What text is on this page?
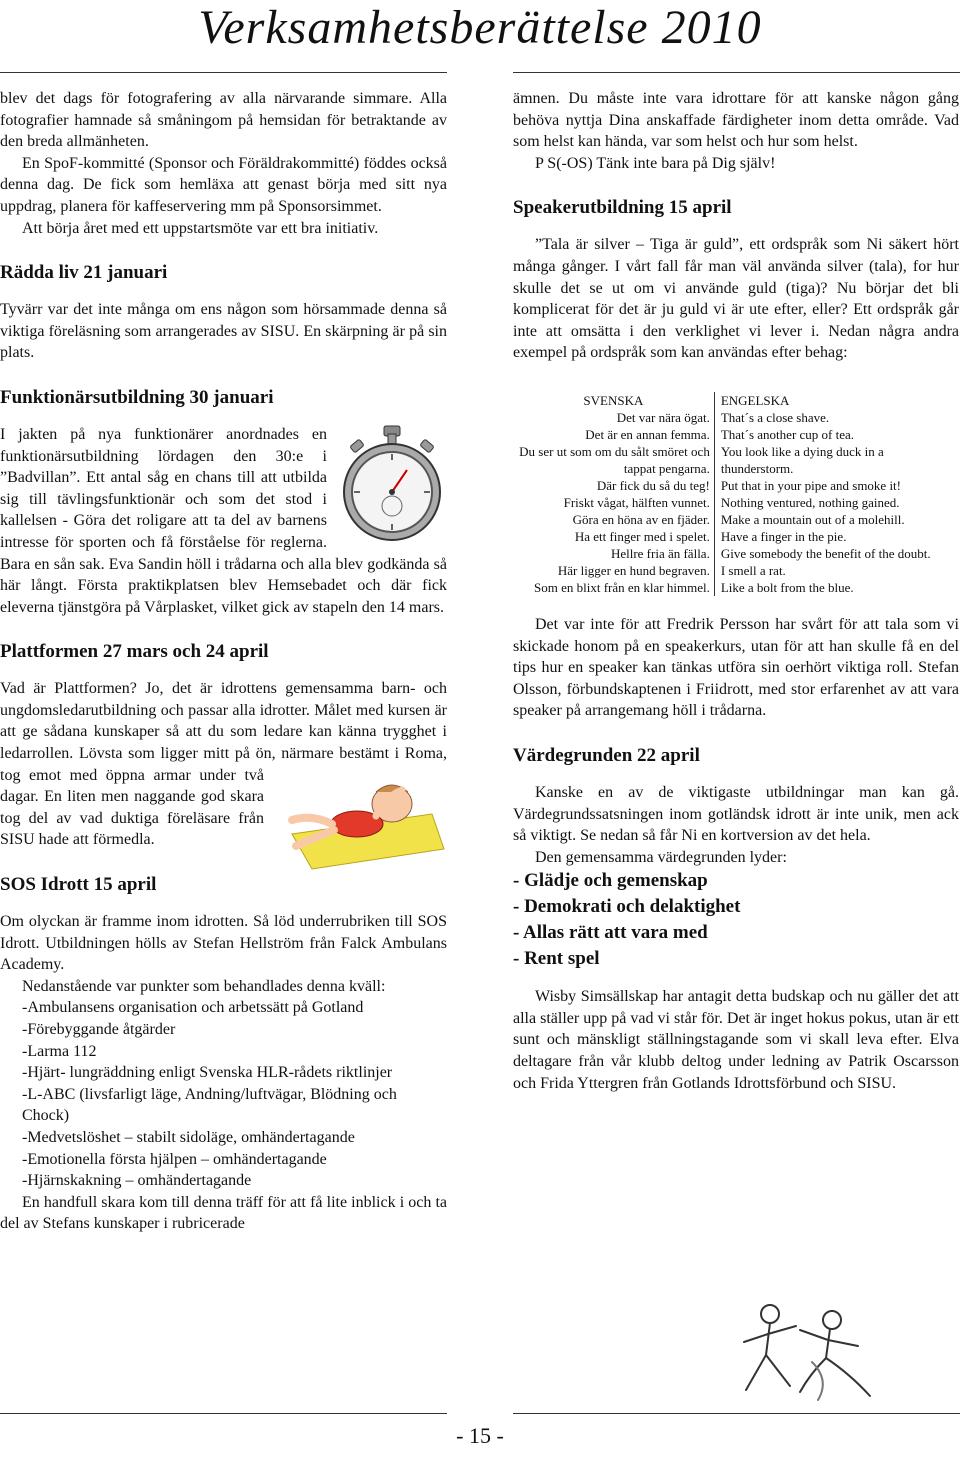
Verksamhetsberättelse 2010

blev det dags för fotografering av alla närvarande simmare. Alla fotografier hamnade så småningom på hemsidan för betraktande av den breda allmänheten.

En SpoF-kommitté (Sponsor och Föräldrakommitté) föddes också denna dag. De fick som hemläxa att genast börja med sitt nya uppdrag, planera för kaffeservering mm på Sponsorsimmet.

Att börja året med ett uppstartsmöte var ett bra initiativ.

Rädda liv 21 januari

Tyvärr var det inte många om ens någon som hörsammade denna så viktiga föreläsning som arrangerades av SISU. En skärpning är på sin plats.

Funktionärsutbildning 30 januari

I jakten på nya funktionärer anordnades en funktionärsutbildning lördagen den 30:e i ”Badvillan”. Ett antal såg en chans till att utbilda sig till tävlingsfunktionär och som det stod i kallelsen - Göra det roligare att ta del av barnens intresse för sporten och få förståelse för reglerna. Bara en sån sak. Eva Sandin höll i trådarna och alla blev godkända så här långt. Första praktikplatsen blev Hemsebadet och där fick eleverna tjänstgöra på Vårplasket, vilket gick av stapeln den 14 mars.

Plattformen 27 mars och 24 april

Vad är Plattformen? Jo, det är idrottens gemensamma barn- och ungdomsledarutbildning och passar alla idrotter. Målet med kursen är att ge sådana kunskaper så att du som ledare kan känna trygghet i ledarrollen. Lövsta som ligger mitt på ön, närmare bestämt i Roma, tog emot med öppna armar under två dagar. En liten men naggande god skara tog del av vad duktiga föreläsare från SISU hade att förmedla.

SOS Idrott 15 april

Om olyckan är framme inom idrotten. Så löd underrubriken till SOS Idrott. Utbildningen hölls av Stefan Hellström från Falck Ambulans Academy.

Nedanstående var punkter som behandlades denna kväll:

-Ambulansens organisation och arbetssätt på Gotland
-Förebyggande åtgärder
-Larma 112
-Hjärt- lungräddning enligt Svenska HLR-rådets riktlinjer
-L-ABC (livsfarligt läge, Andning/luftvägar, Blödning och Chock)
-Medvetslöshet – stabilt sidoläge, omhändertagande
-Emotionella första hjälpen – omhändertagande
-Hjärnskakning – omhändertagande

En handfull skara kom till denna träff för att få lite inblick i och ta del av Stefans kunskaper i rubricerade

ämnen. Du måste inte vara idrottare för att kanske någon gång behöva nyttja Dina anskaffade färdigheter inom detta område. Vad som helst kan hända, var som helst och hur som helst.

P S(-OS) Tänk inte bara på Dig själv!

Speakerutbildning 15 april

”Tala är silver – Tiga är guld”, ett ordspråk som Ni säkert hört många gånger. I vårt fall får man väl använda silver (tala), for hur skulle det se ut om vi använde guld (tiga)? Nu börjar det bli komplicerat för det är ju guld vi är ute efter, eller? Ett ordspråk går inte att omsätta i den verklighet vi lever i. Nedan några andra exempel på ordspråk som kan användas efter behag:

SVENSKA	ENGELSKA
Det var nära ögat.	That´s a close shave.
Det är en annan femma.	That´s another cup of tea.
Du ser ut som om du sålt smöret och tappat pengarna.	You look like a dying duck in a thunderstorm.
Där fick du så du teg!	Put that in your pipe and smoke it!
Friskt vågat, hälften vunnet.	Nothing ventured, nothing gained.
Göra en höna av en fjäder.	Make a mountain out of a molehill.
Ha ett finger med i spelet.	Have a finger in the pie.
Hellre fria än fälla.	Give somebody the benefit of the doubt.
Här ligger en hund begraven.	I smell a rat.
Som en blixt från en klar himmel.	Like a bolt from the blue.

Det var inte för att Fredrik Persson har svårt för att tala som vi skickade honom på en speakerkurs, utan för att han skulle få en del tips hur en speaker kan tänkas utföra sin oerhört viktiga roll. Stefan Olsson, förbundskaptenen i Friidrott, med stor erfarenhet av att vara speaker på arrangemang höll i trådarna.

Värdegrunden 22 april

Kanske en av de viktigaste utbildningar man kan gå. Värdegrundssatsningen inom gotländsk idrott är inte unik, men ack så viktigt. Se nedan så får Ni en kortversion av det hela.

Den gemensamma värdegrunden lyder:

- Glädje och gemenskap
- Demokrati och delaktighet
- Allas rätt att vara med
- Rent spel

Wisby Simsällskap har antagit detta budskap och nu gäller det att alla ställer upp på vad vi står för. Det är inget hokus pokus, utan är ett sunt och mänskligt ställningstagande som vi skall leva efter. Elva deltagare från vår klubb deltog under ledning av Patrik Oscarsson och Frida Yttergren från Gotlands Idrottsförbund och SISU.

- 15 -
